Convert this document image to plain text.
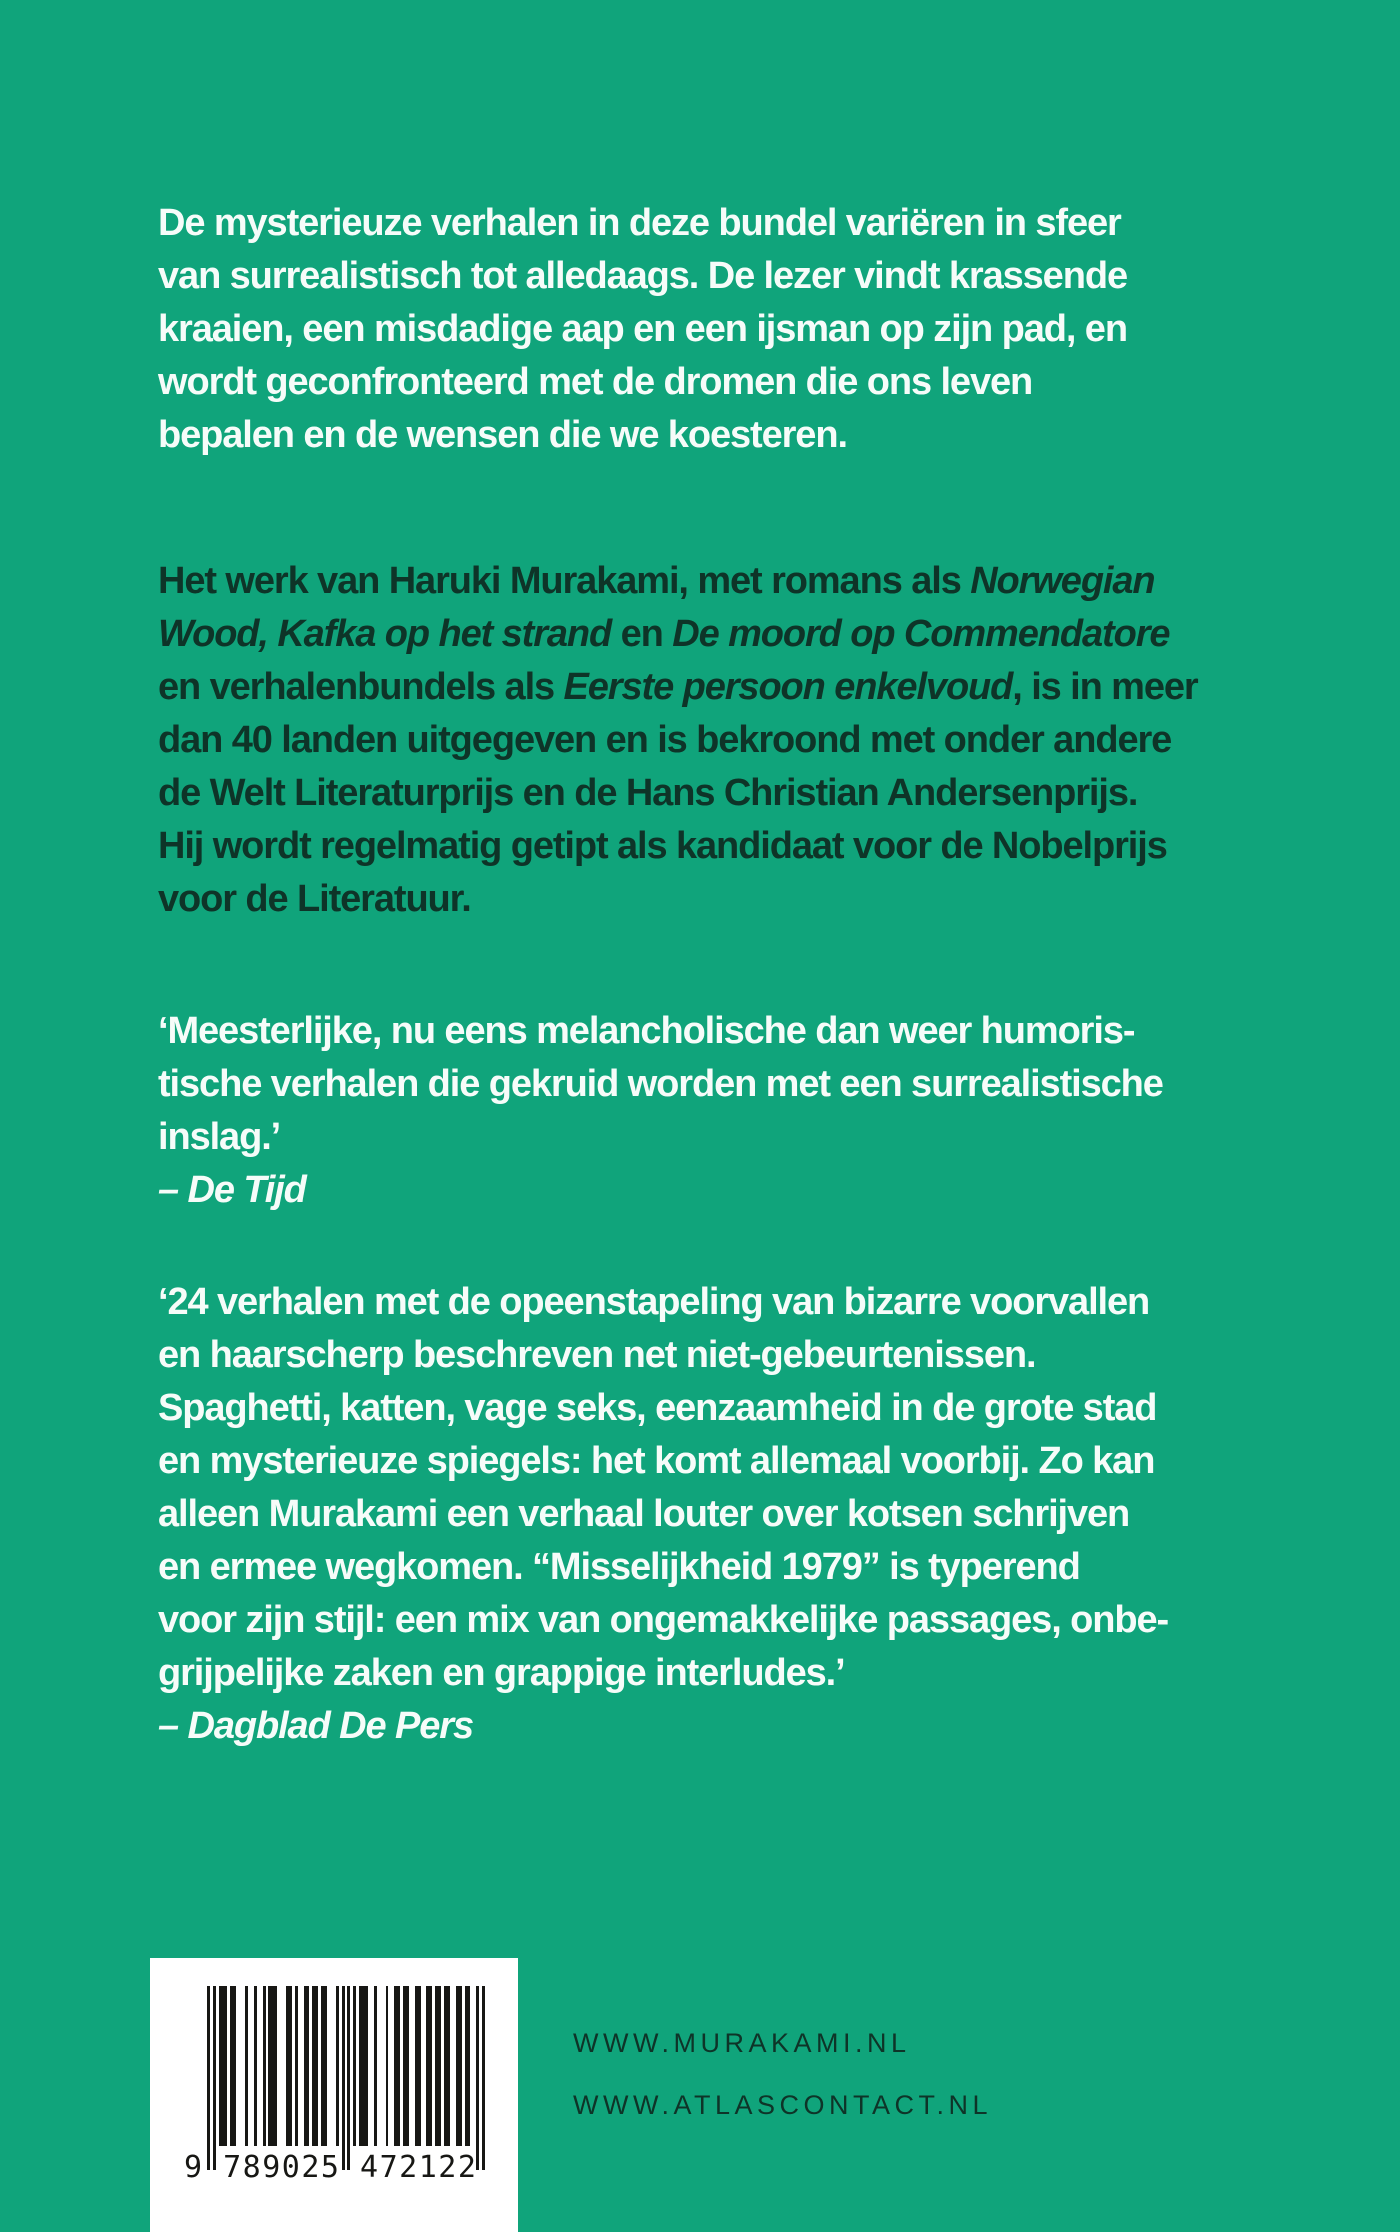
De mysterieuze verhalen in deze bundel variëren in sfeer
van surrealistisch tot alledaags. De lezer vindt krassende
kraaien, een misdadige aap en een ijsman op zijn pad, en
wordt geconfronteerd met de dromen die ons leven
bepalen en de wensen die we koesteren.
Het werk van Haruki Murakami, met romans als Norwegian
Wood, Kafka op het strand en De moord op Commendatore
en verhalenbundels als Eerste persoon enkelvoud, is in meer
dan 40 landen uitgegeven en is bekroond met onder andere
de Welt Literaturprijs en de Hans Christian Andersenprijs.
Hij wordt regelmatig getipt als kandidaat voor de Nobelprijs
voor de Literatuur.
‘Meesterlijke, nu eens melancholische dan weer humoris-
tische verhalen die gekruid worden met een surrealistische
inslag.’
– De Tijd
‘24 verhalen met de opeenstapeling van bizarre voorvallen
en haarscherp beschreven net niet-gebeurtenissen.
Spaghetti, katten, vage seks, eenzaamheid in de grote stad
en mysterieuze spiegels: het komt allemaal voorbij. Zo kan
alleen Murakami een verhaal louter over kotsen schrijven
en ermee wegkomen. “Misselijkheid 1979” is typerend
voor zijn stijl: een mix van ongemakkelijke passages, onbe-
grijpelijke zaken en grappige interludes.’
– Dagblad De Pers
9 789025 472122
WWW.MURAKAMI.NL
WWW.ATLASCONTACT.NL
